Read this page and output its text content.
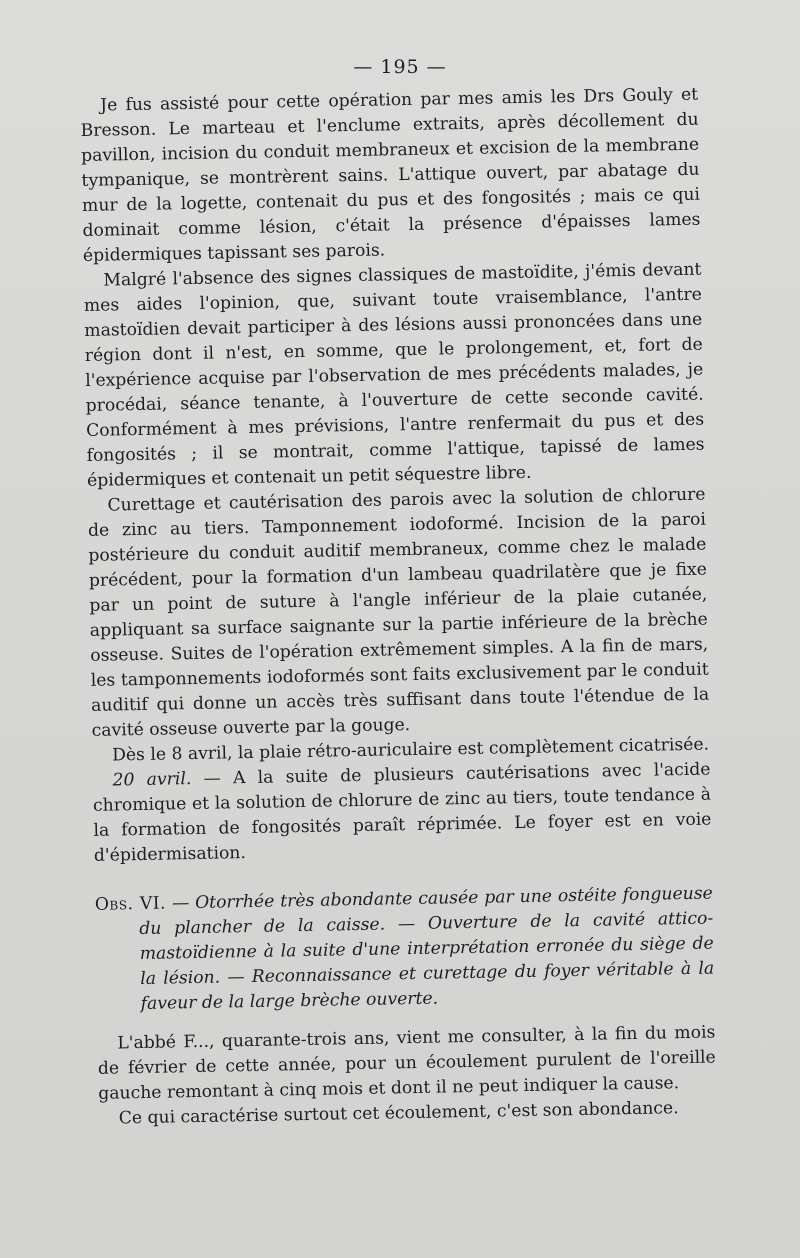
— 195 —

Je fus assisté pour cette opération par mes amis les Drs Gouly et Bresson. Le marteau et l'enclume extraits, après décollement du pavillon, incision du conduit membraneux et excision de la membrane tympanique, se montrèrent sains. L'attique ouvert, par abatage du mur de la logette, contenait du pus et des fongosités ; mais ce qui dominait comme lésion, c'était la présence d'épaisses lames épidermiques tapissant ses parois.

Malgré l'absence des signes classiques de mastoïdite, j'émis devant mes aides l'opinion, que, suivant toute vraisemblance, l'antre mastoïdien devait participer à des lésions aussi prononcées dans une région dont il n'est, en somme, que le prolongement, et, fort de l'expérience acquise par l'observation de mes précédents malades, je procédai, séance tenante, à l'ouverture de cette seconde cavité. Conformément à mes prévisions, l'antre renfermait du pus et des fongosités ; il se montrait, comme l'attique, tapissé de lames épidermiques et contenait un petit séquestre libre.

Curettage et cautérisation des parois avec la solution de chlorure de zinc au tiers. Tamponnement iodoformé. Incision de la paroi postérieure du conduit auditif membraneux, comme chez le malade précédent, pour la formation d'un lambeau quadrilatère que je fixe par un point de suture à l'angle inférieur de la plaie cutanée, appliquant sa surface saignante sur la partie inférieure de la brèche osseuse. Suites de l'opération extrêmement simples. A la fin de mars, les tamponnements iodoformés sont faits exclusivement par le conduit auditif qui donne un accès très suffisant dans toute l'étendue de la cavité osseuse ouverte par la gouge.

Dès le 8 avril, la plaie rétro-auriculaire est complètement cicatrisée.

20 avril. — A la suite de plusieurs cautérisations avec l'acide chromique et la solution de chlorure de zinc au tiers, toute tendance à la formation de fongosités paraît réprimée. Le foyer est en voie d'épidermisation.

Obs. VI. — Otorrhée très abondante causée par une ostéite fongueuse du plancher de la caisse. — Ouverture de la cavité attico-mastoïdienne à la suite d'une interprétation erronée du siège de la lésion. — Reconnaissance et curettage du foyer véritable à la faveur de la large brèche ouverte.

L'abbé F..., quarante-trois ans, vient me consulter, à la fin du mois de février de cette année, pour un écoulement purulent de l'oreille gauche remontant à cinq mois et dont il ne peut indiquer la cause.

Ce qui caractérise surtout cet écoulement, c'est son abondance.
